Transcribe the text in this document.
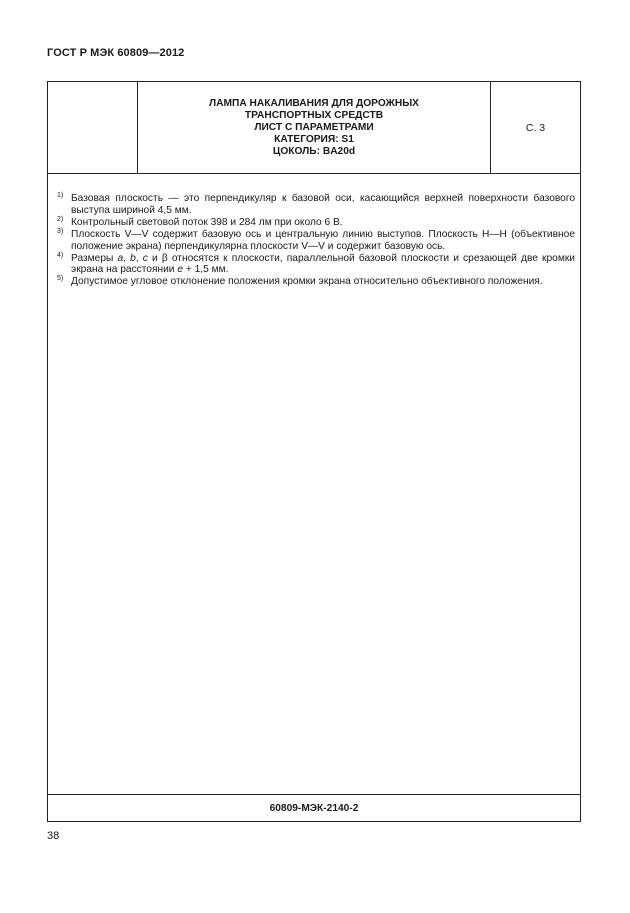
ГОСТ Р МЭК 60809—2012
ЛАМПА НАКАЛИВАНИЯ ДЛЯ ДОРОЖНЫХ
ТРАНСПОРТНЫХ СРЕДСТВ
ЛИСТ С ПАРАМЕТРАМИ
КАТЕГОРИЯ: S1
ЦОКОЛЬ: BA20d
С. 3
1) Базовая плоскость — это перпендикуляр к базовой оси, касающийся верхней поверхности базового выступа шириной 4,5 мм.
2) Контрольный световой поток 398 и 284 лм при около 6 В.
3) Плоскость V—V содержит базовую ось и центральную линию выступов. Плоскость Н—Н (объективное положение экрана) перпендикулярна плоскости V—V и содержит базовую ось.
4) Размеры a, b, c и β относятся к плоскости, параллельной базовой плоскости и срезающей две кромки экрана на расстоянии e + 1,5 мм.
5) Допустимое угловое отклонение положения кромки экрана относительно объективного положения.
60809-МЭК-2140-2
38
